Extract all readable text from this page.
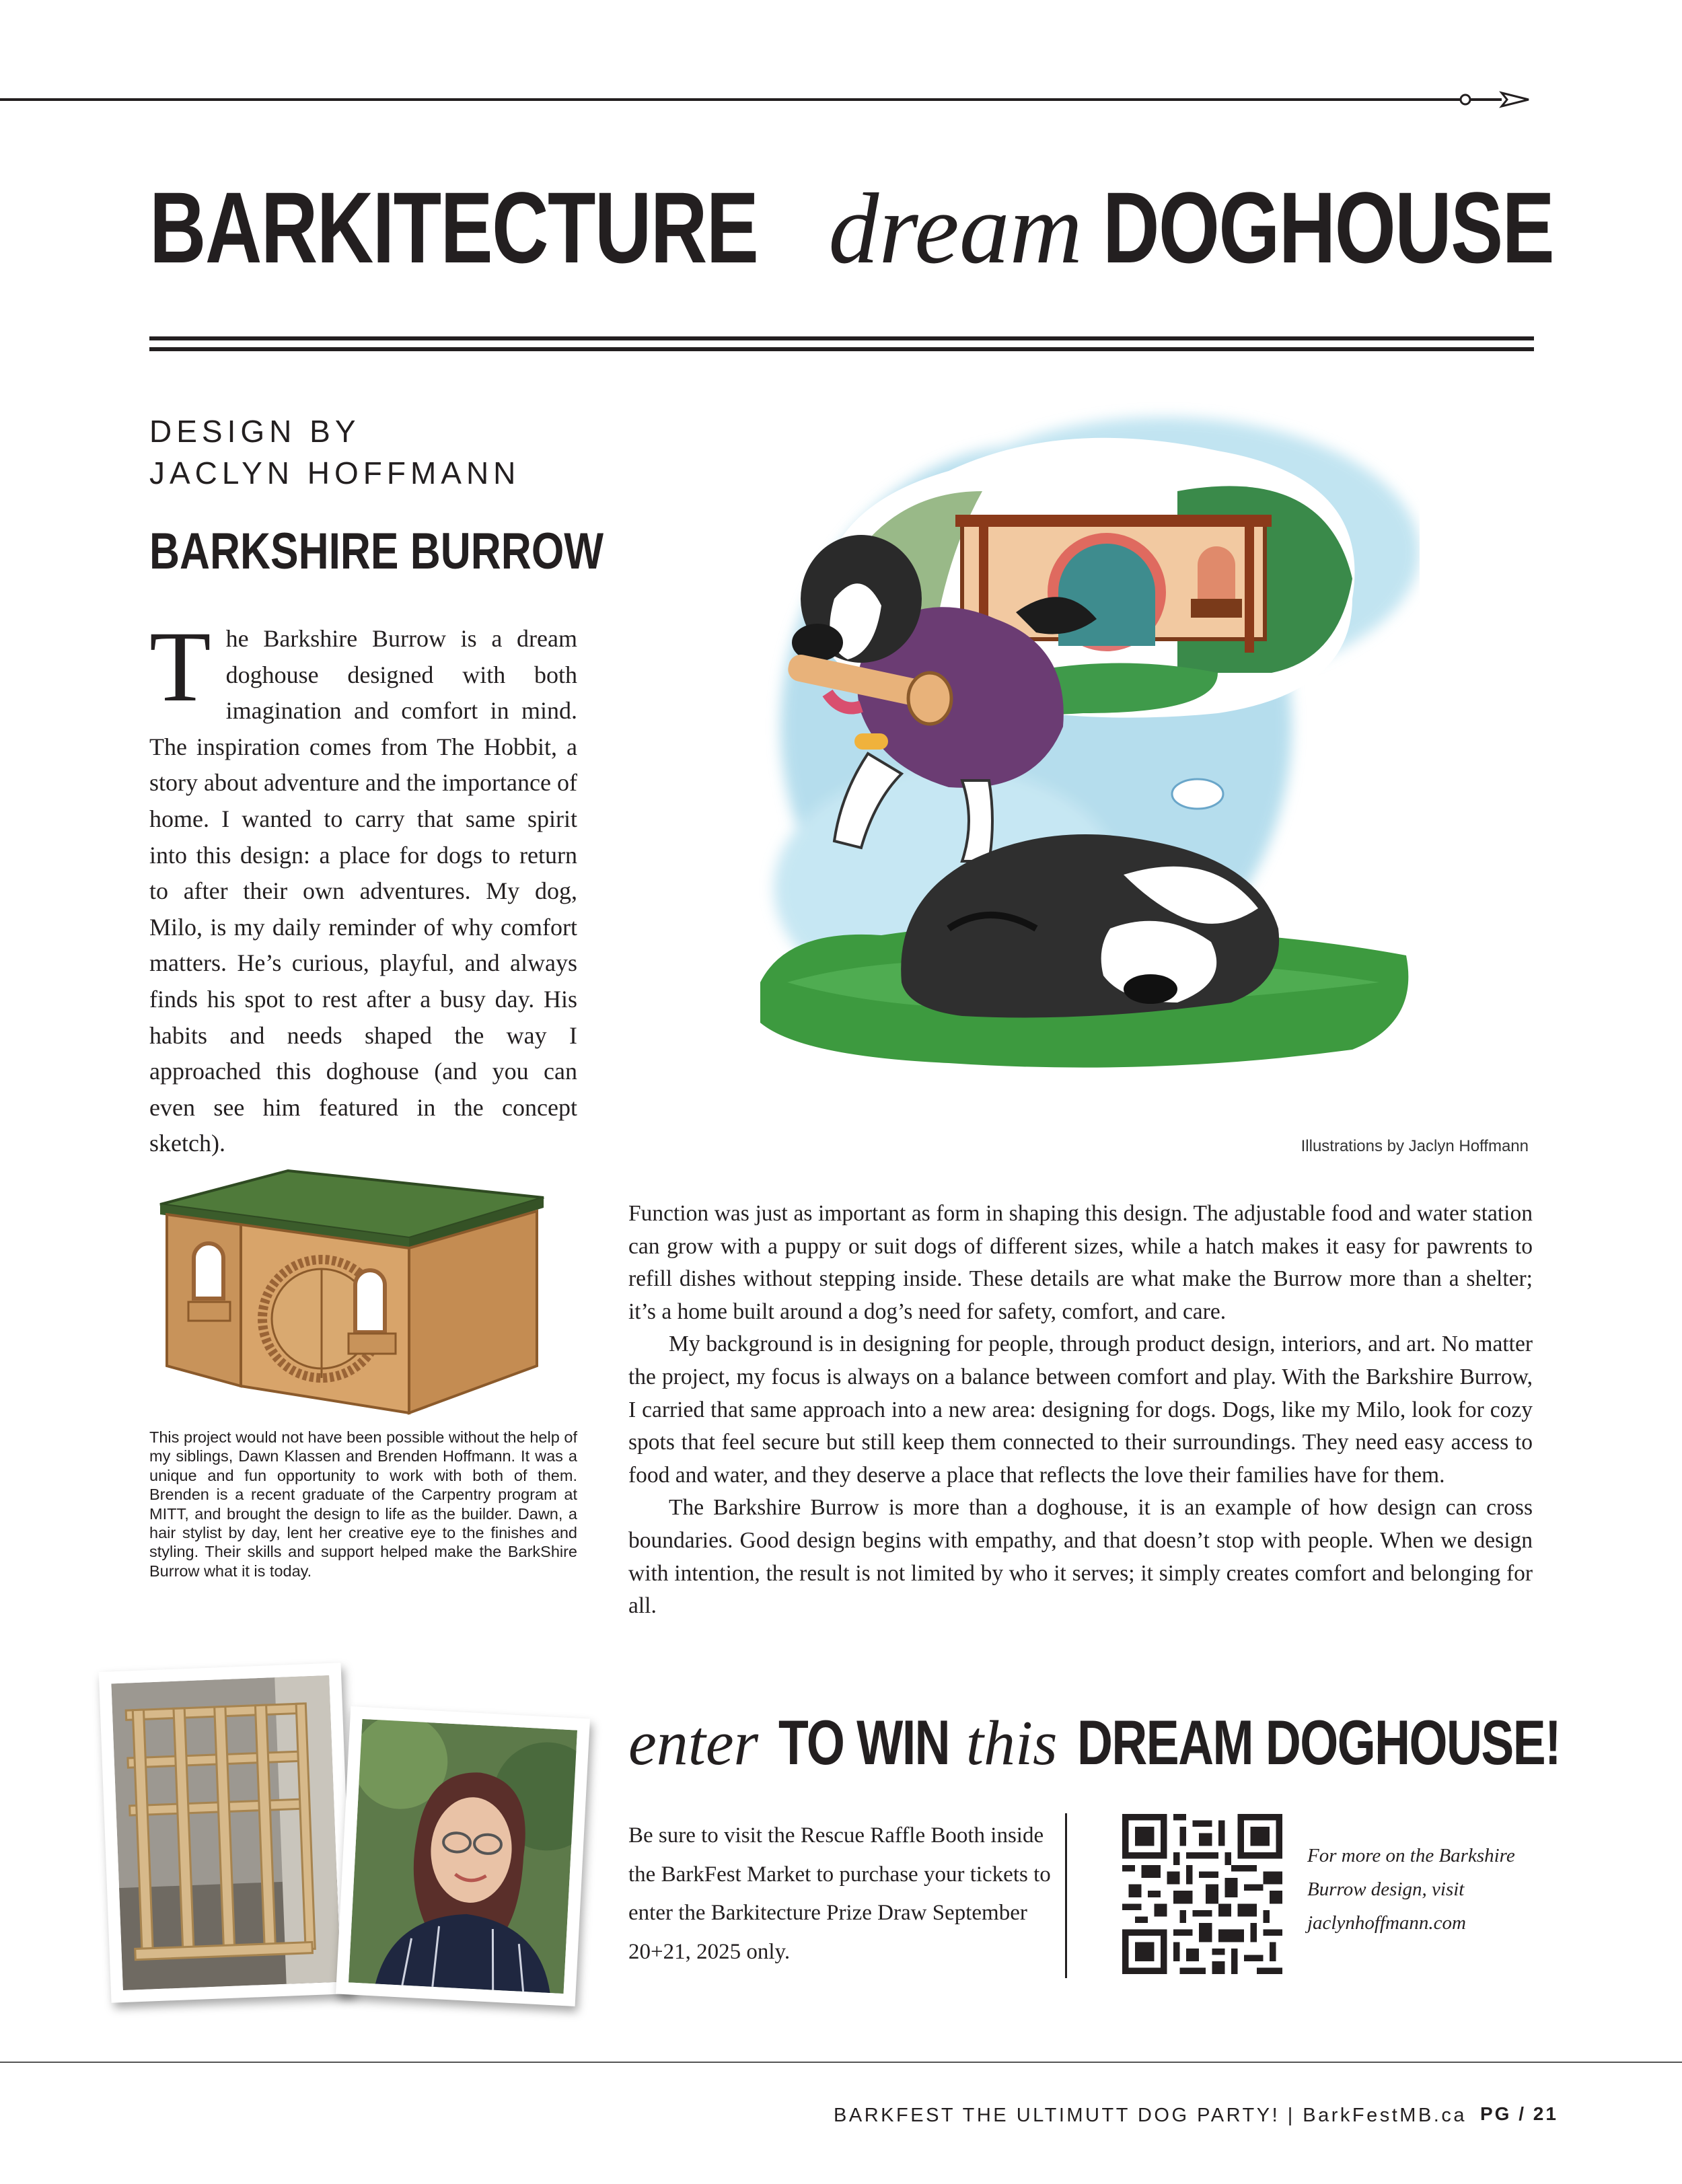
BARKITECTURE dream DOGHOUSE
DESIGN BY
JACLYN HOFFMANN
BARKSHIRE BURROW
T he Barkshire Burrow is a dream doghouse designed with both imagination and comfort in mind. The inspiration comes from The Hobbit, a story about adventure and the importance of home. I wanted to carry that same spirit into this design: a place for dogs to return to after their own adventures. My dog, Milo, is my daily reminder of why comfort matters. He’s curious, playful, and always finds his spot to rest after a busy day. His habits and needs shaped the way I approached this doghouse (and you can even see him featured in the concept sketch).	Illustrations by Jaclyn Hoffmann
This project would not have been possible without the help of my siblings, Dawn Klassen and Brenden Hoffmann. It was a unique and fun opportunity to work with both of them. Brenden is a recent graduate of the Carpentry program at MITT, and brought the design to life as the builder. Dawn, a hair stylist by day, lent her creative eye to the finishes and styling. Their skills and support helped make the BarkShire Burrow what it is today.

Function was just as important as form in shaping this design. The adjustable food and water station can grow with a puppy or suit dogs of different sizes, while a hatch makes it easy for pawrents to refill dishes without stepping inside. These details are what make the Burrow more than a shelter; it’s a home built around a dog’s need for safety, comfort, and care.

My background is in designing for people, through product design, interiors, and art. No matter the project, my focus is always on a balance between comfort and play. With the Barkshire Burrow, I carried that same approach into a new area: designing for dogs. Dogs, like my Milo, look for cozy spots that feel secure but still keep them connected to their surroundings. They need easy access to food and water, and they deserve a place that reflects the love their families have for them.

The Barkshire Burrow is more than a doghouse, it is an example of how design can cross boundaries. Good design begins with empathy, and that doesn’t stop with people. When we design with intention, the result is not limited by who it serves; it simply creates comfort and belonging for all.

enter TO WIN this DREAM DOGHOUSE!
Be sure to visit the Rescue Raffle Booth inside the BarkFest Market to purchase your tickets to enter the Barkitecture Prize Draw September 20+21, 2025 only.
For more on the Barkshire Burrow design, visit jaclynhoffmann.com
BARKFEST THE ULTIMUTT DOG PARTY! | BarkFestMB.ca PG / 21
